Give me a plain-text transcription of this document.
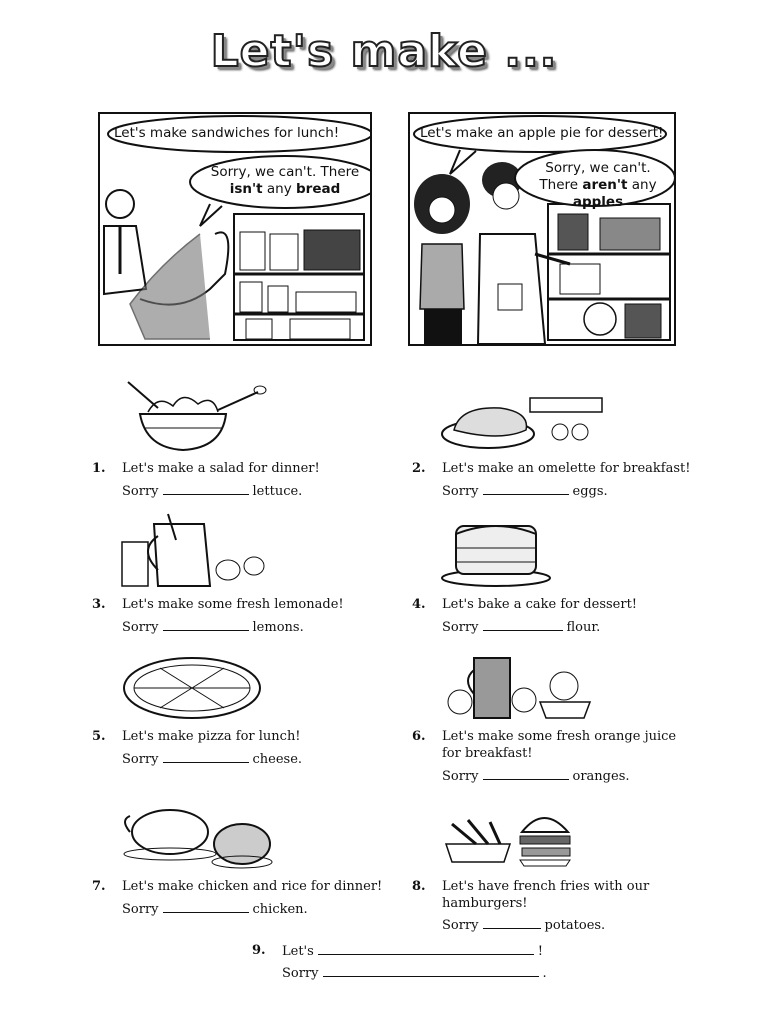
Let's make ...
Let's make sandwiches for lunch!
Sorry, we can't. There
isn't any bread
Let's make an apple pie for dessert!
Sorry, we can't.
There aren't any apples
1. Let's make a salad for dinner!
Sorry	lettuce.
2. Let's make an omelette for breakfast!
Sorry	eggs.
3. Let's make some fresh lemonade!
Sorry	lemons.
4. Let's bake a cake for dessert!
Sorry	flour.
5. Let's make pizza for lunch!
Sorry	cheese.
6. Let's make some fresh orange juice
for breakfast!
Sorry	oranges.
7. Let's make chicken and rice for dinner!
Sorry	chicken.
8. Let's have french fries with our
hamburgers!
Sorry	potatoes.
9. Let's	!
Sorry	.
